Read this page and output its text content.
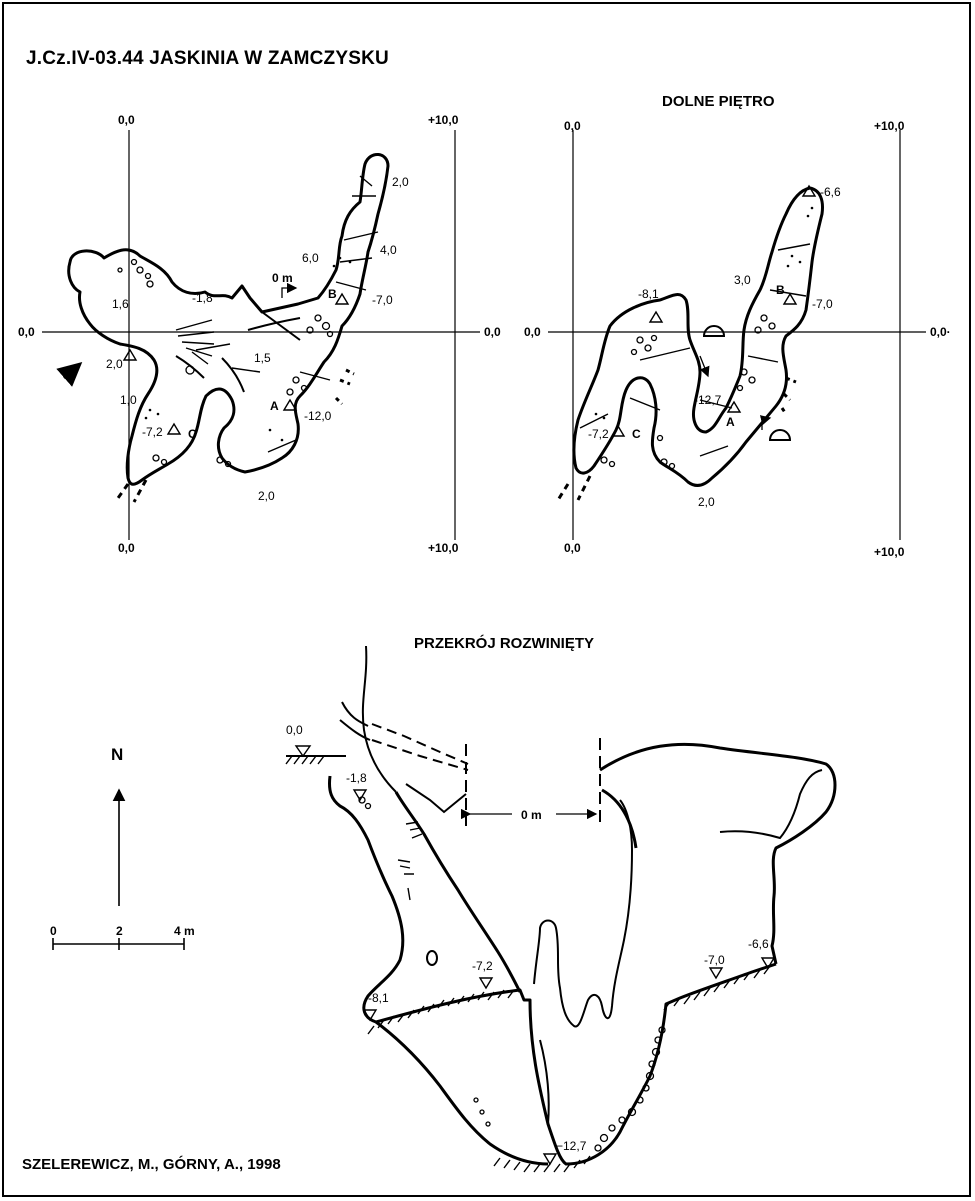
J.Cz.IV-03.44 JASKINIA W ZAMCZYSKU
DOLNE PIĘTRO
PRZEKRÓJ ROZWINIĘTY
SZELEREWICZ, M., GÓRNY, A., 1998
0,0	+10,0
0,0	0,0
0,0	+10,0
0 m
B
A
C
2,0
4,0
6,0
-7,0
-1,8
1,6
2,0	1,5
1,0
-7,2
-12,0
2,0
0,0	+10,0
0,0	0,0·
0,0	+10,0
B
A
C
-6,6
3,0
-7,0
-8,1
-12,7
-7,2
2,0
N
0	2	4 m
0 m
0,0
-1,8
-7,2
-8,1
-7,0
-6,6
−12,7
